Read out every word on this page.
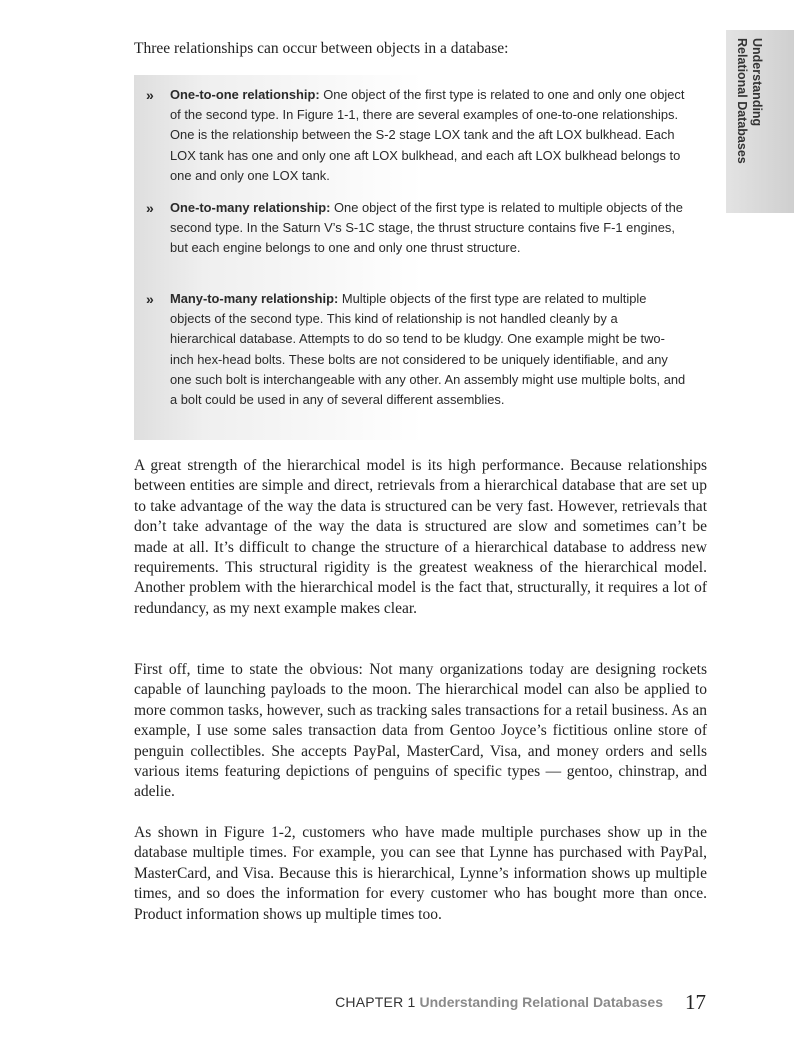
Understanding
Relational Databases

Three relationships can occur between objects in a database:

» One-to-one relationship: One object of the first type is related to one and only one object of the second type. In Figure 1-1, there are several examples of one-to-one relationships. One is the relationship between the S-2 stage LOX tank and the aft LOX bulkhead. Each LOX tank has one and only one aft LOX bulkhead, and each aft LOX bulkhead belongs to one and only one LOX tank.
» One-to-many relationship: One object of the first type is related to multiple objects of the second type. In the Saturn V’s S-1C stage, the thrust structure contains five F-1 engines, but each engine belongs to one and only one thrust structure.
» Many-to-many relationship: Multiple objects of the first type are related to multiple objects of the second type. This kind of relationship is not handled cleanly by a hierarchical database. Attempts to do so tend to be kludgy. One example might be two-inch hex-head bolts. These bolts are not considered to be uniquely identifiable, and any one such bolt is interchangeable with any other. An assembly might use multiple bolts, and a bolt could be used in any of several different assemblies.

A great strength of the hierarchical model is its high performance. Because relationships between entities are simple and direct, retrievals from a hierarchical database that are set up to take advantage of the way the data is structured can be very fast. However, retrievals that don’t take advantage of the way the data is structured are slow and sometimes can’t be made at all. It’s difficult to change the structure of a hierarchical database to address new requirements. This structural rigidity is the greatest weakness of the hierarchical model. Another problem with the hierarchical model is the fact that, structurally, it requires a lot of redundancy, as my next example makes clear.

First off, time to state the obvious: Not many organizations today are designing rockets capable of launching payloads to the moon. The hierarchical model can also be applied to more common tasks, however, such as tracking sales transactions for a retail business. As an example, I use some sales transaction data from Gentoo Joyce’s fictitious online store of penguin collectibles. She accepts PayPal, MasterCard, Visa, and money orders and sells various items featuring depictions of penguins of specific types — gentoo, chinstrap, and adelie.

As shown in Figure 1-2, customers who have made multiple purchases show up in the database multiple times. For example, you can see that Lynne has purchased with PayPal, MasterCard, and Visa. Because this is hierarchical, Lynne’s information shows up multiple times, and so does the information for every customer who has bought more than once. Product information shows up multiple times too.

CHAPTER 1 Understanding Relational Databases 17
